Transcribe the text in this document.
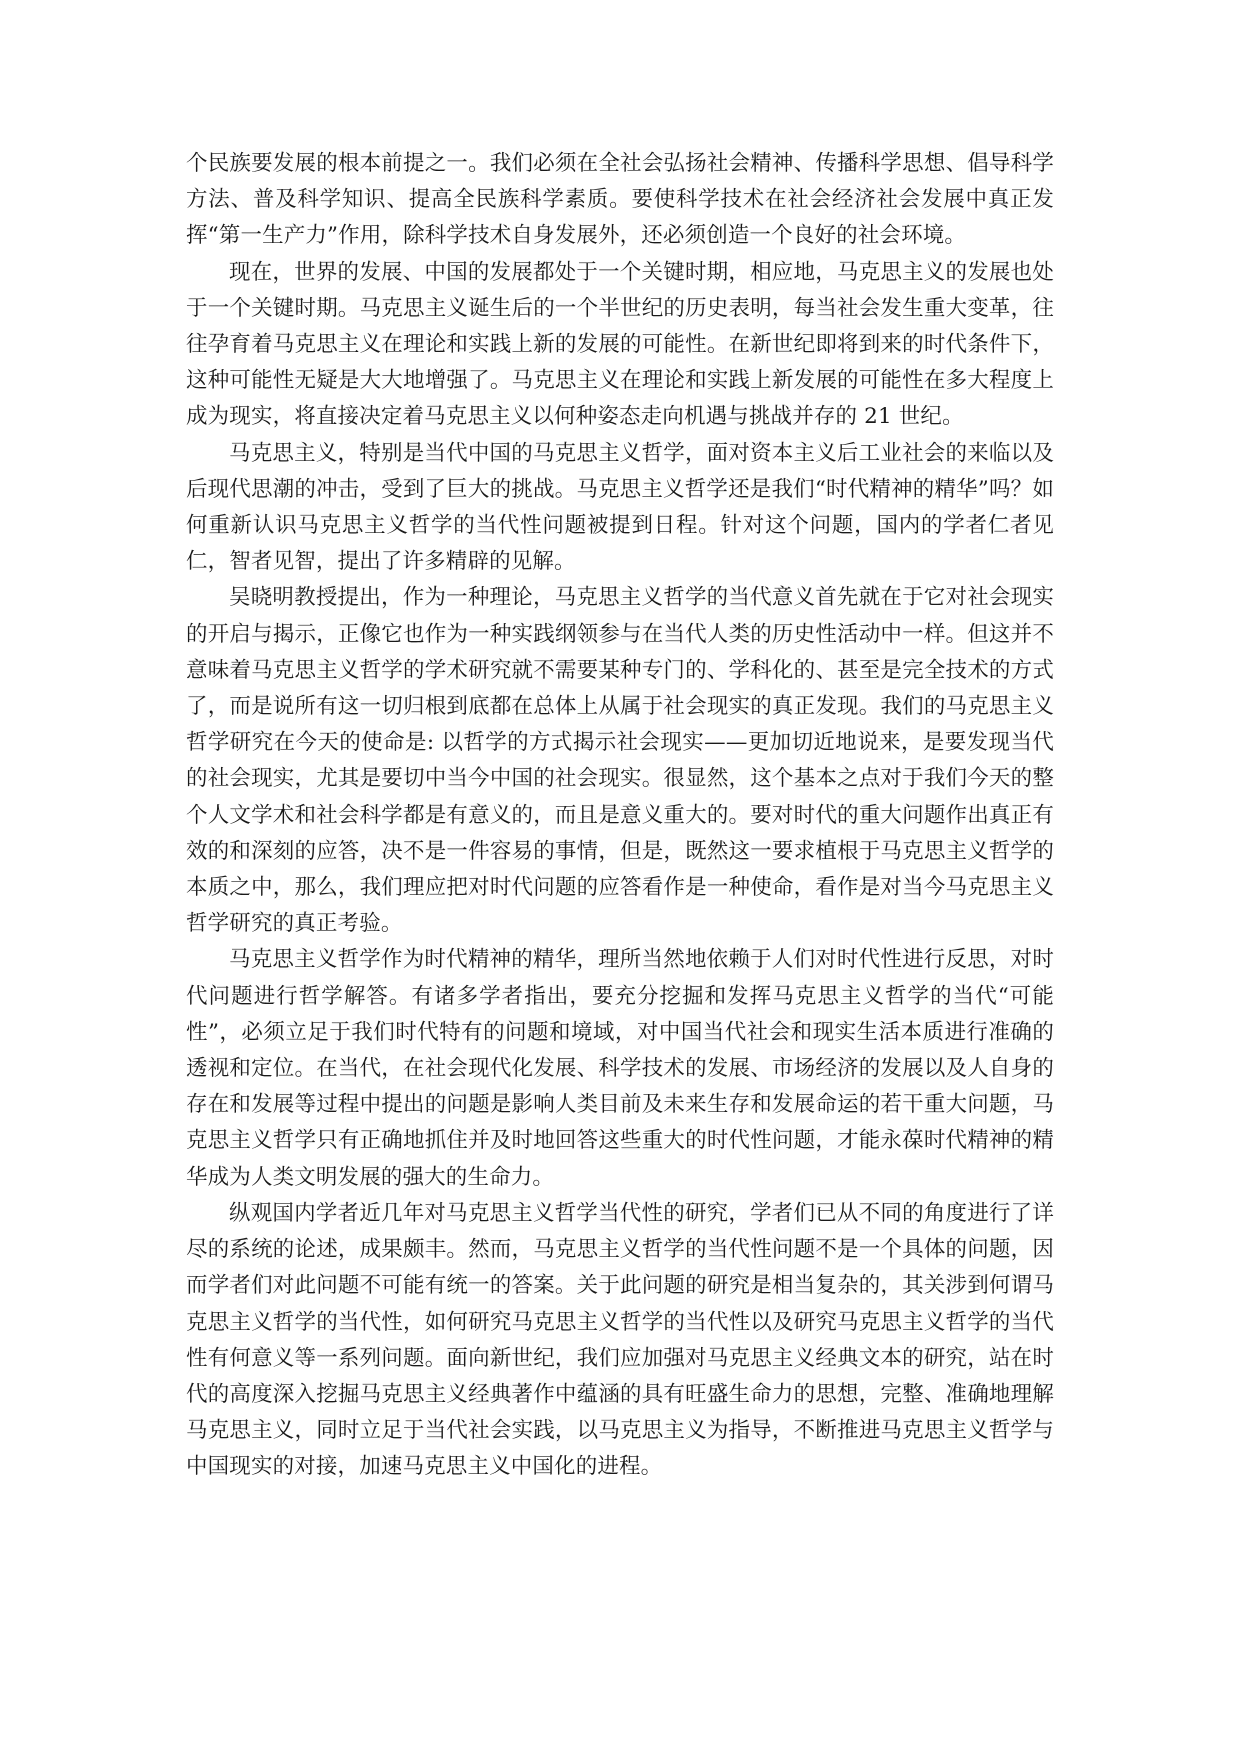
个民族要发展的根本前提之一。我们必须在全社会弘扬社会精神、传播科学思想、倡导科学方法、普及科学知识、提高全民族科学素质。要使科学技术在社会经济社会发展中真正发挥“第一生产力”作用，除科学技术自身发展外，还必须创造一个良好的社会环境。

现在，世界的发展、中国的发展都处于一个关键时期，相应地，马克思主义的发展也处于一个关键时期。马克思主义诞生后的一个半世纪的历史表明，每当社会发生重大变革，往往孕育着马克思主义在理论和实践上新的发展的可能性。在新世纪即将到来的时代条件下，这种可能性无疑是大大地增强了。马克思主义在理论和实践上新发展的可能性在多大程度上成为现实，将直接决定着马克思主义以何种姿态走向机遇与挑战并存的 21 世纪。

马克思主义，特别是当代中国的马克思主义哲学，面对资本主义后工业社会的来临以及后现代思潮的冲击，受到了巨大的挑战。马克思主义哲学还是我们“时代精神的精华”吗？如何重新认识马克思主义哲学的当代性问题被提到日程。针对这个问题，国内的学者仁者见仁，智者见智，提出了许多精辟的见解。

吴晓明教授提出，作为一种理论，马克思主义哲学的当代意义首先就在于它对社会现实的开启与揭示，正像它也作为一种实践纲领参与在当代人类的历史性活动中一样。但这并不意味着马克思主义哲学的学术研究就不需要某种专门的、学科化的、甚至是完全技术的方式了，而是说所有这一切归根到底都在总体上从属于社会现实的真正发现。我们的马克思主义哲学研究在今天的使命是: 以哲学的方式揭示社会现实——更加切近地说来，是要发现当代的社会现实，尤其是要切中当今中国的社会现实。很显然，这个基本之点对于我们今天的整个人文学术和社会科学都是有意义的，而且是意义重大的。要对时代的重大问题作出真正有效的和深刻的应答，决不是一件容易的事情，但是，既然这一要求植根于马克思主义哲学的本质之中，那么，我们理应把对时代问题的应答看作是一种使命，看作是对当今马克思主义哲学研究的真正考验。

马克思主义哲学作为时代精神的精华，理所当然地依赖于人们对时代性进行反思，对时代问题进行哲学解答。有诸多学者指出，要充分挖掘和发挥马克思主义哲学的当代“可能性”，必须立足于我们时代特有的问题和境域，对中国当代社会和现实生活本质进行准确的透视和定位。在当代，在社会现代化发展、科学技术的发展、市场经济的发展以及人自身的存在和发展等过程中提出的问题是影响人类目前及未来生存和发展命运的若干重大问题，马克思主义哲学只有正确地抓住并及时地回答这些重大的时代性问题，才能永葆时代精神的精华成为人类文明发展的强大的生命力。

纵观国内学者近几年对马克思主义哲学当代性的研究，学者们已从不同的角度进行了详尽的系统的论述，成果颇丰。然而，马克思主义哲学的当代性问题不是一个具体的问题，因而学者们对此问题不可能有统一的答案。关于此问题的研究是相当复杂的，其关涉到何谓马克思主义哲学的当代性，如何研究马克思主义哲学的当代性以及研究马克思主义哲学的当代性有何意义等一系列问题。面向新世纪，我们应加强对马克思主义经典文本的研究，站在时代的高度深入挖掘马克思主义经典著作中蕴涵的具有旺盛生命力的思想，完整、准确地理解马克思主义，同时立足于当代社会实践，以马克思主义为指导，不断推进马克思主义哲学与中国现实的对接，加速马克思主义中国化的进程。
